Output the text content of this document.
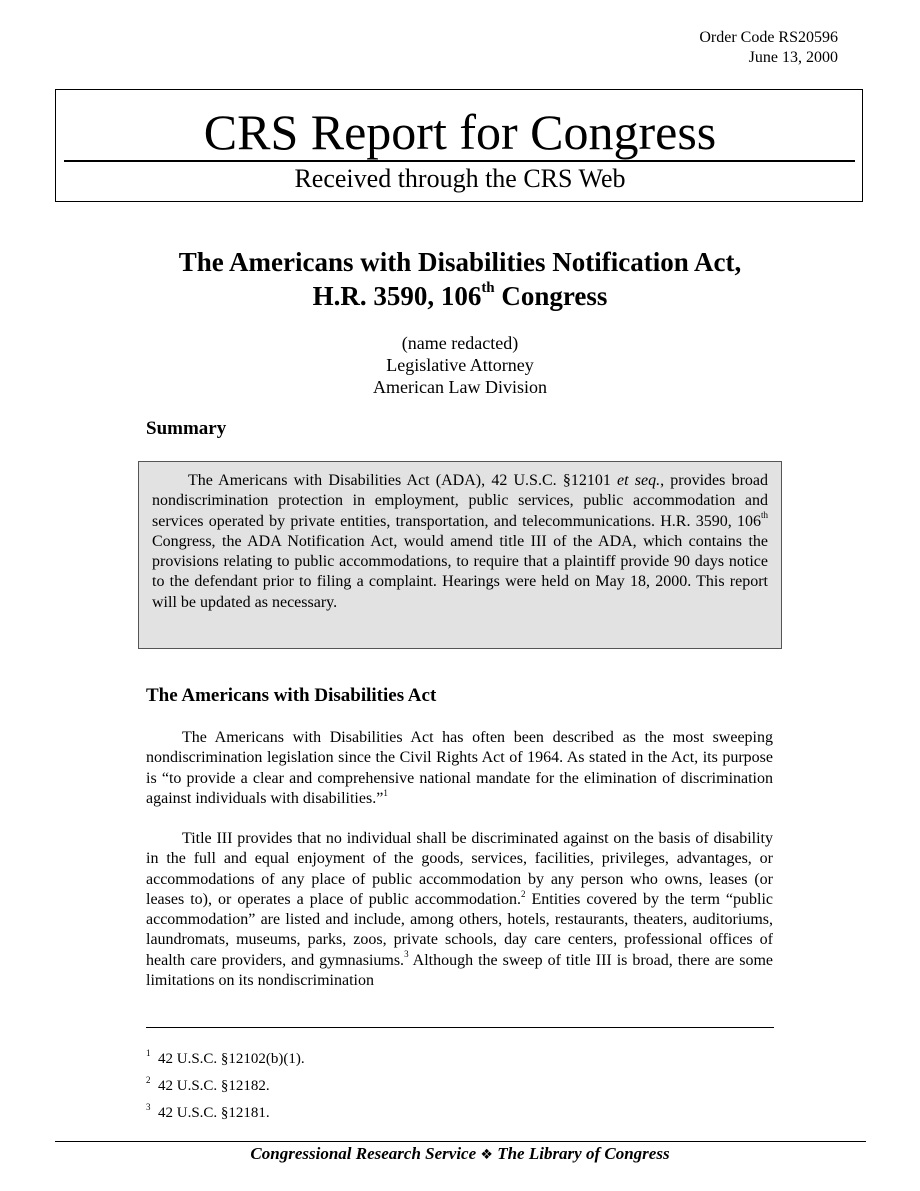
Order Code RS20596
June 13, 2000
CRS Report for Congress
Received through the CRS Web
The Americans with Disabilities Notification Act,
H.R. 3590, 106th Congress
(name redacted)
Legislative Attorney
American Law Division
Summary

The Americans with Disabilities Act (ADA), 42 U.S.C. §12101 et seq., provides broad nondiscrimination protection in employment, public services, public accommodation and services operated by private entities, transportation, and telecommunications. H.R. 3590, 106th Congress, the ADA Notification Act, would amend title III of the ADA, which contains the provisions relating to public accommodations, to require that a plaintiff provide 90 days notice to the defendant prior to filing a complaint. Hearings were held on May 18, 2000. This report will be updated as necessary.

The Americans with Disabilities Act

The Americans with Disabilities Act has often been described as the most sweeping nondiscrimination legislation since the Civil Rights Act of 1964. As stated in the Act, its purpose is “to provide a clear and comprehensive national mandate for the elimination of discrimination against individuals with disabilities.”$^1$

Title III provides that no individual shall be discriminated against on the basis of disability in the full and equal enjoyment of the goods, services, facilities, privileges, advantages, or accommodations of any place of public accommodation by any person who owns, leases (or leases to), or operates a place of public accommodation.$^2$ Entities covered by the term “public accommodation” are listed and include, among others, hotels, restaurants, theaters, auditoriums, laundromats, museums, parks, zoos, private schools, day care centers, professional offices of health care providers, and gymnasiums.$^3$ Although the sweep of title III is broad, there are some limitations on its nondiscrimination

$^1$ 42 U.S.C. §12102(b)(1).
$^2$ 42 U.S.C. §12182.
$^3$ 42 U.S.C. §12181.
Congressional Research Service ❖ The Library of Congress
